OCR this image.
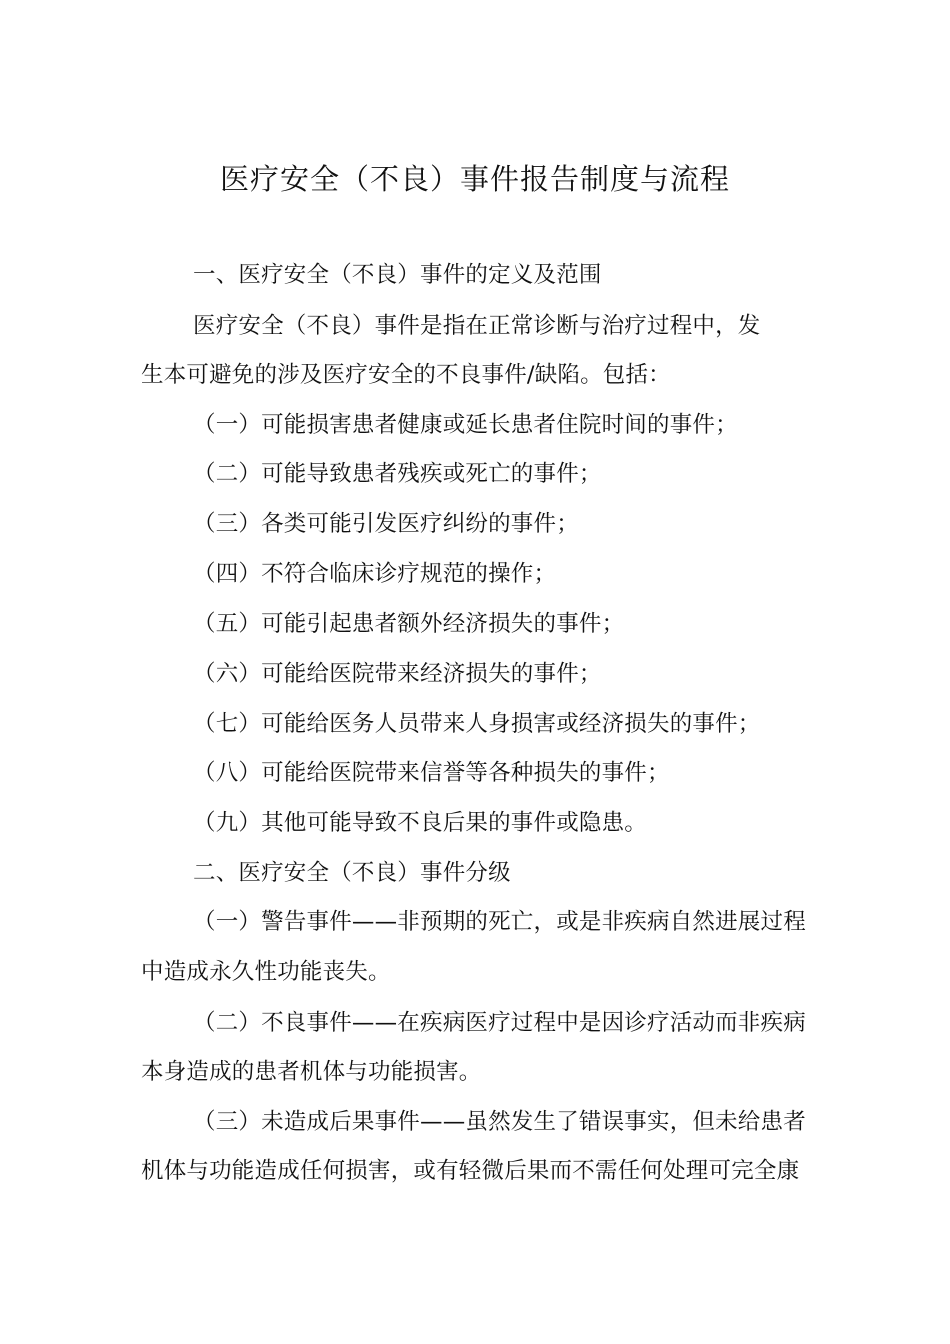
医疗安全（不良）事件报告制度与流程
一、医疗安全（不良）事件的定义及范围
医疗安全（不良）事件是指在正常诊断与治疗过程中，发
生本可避免的涉及医疗安全的不良事件/缺陷。包括：
（一）可能损害患者健康或延长患者住院时间的事件；
（二）可能导致患者残疾或死亡的事件；
（三）各类可能引发医疗纠纷的事件；
（四）不符合临床诊疗规范的操作；
（五）可能引起患者额外经济损失的事件；
（六）可能给医院带来经济损失的事件；
（七）可能给医务人员带来人身损害或经济损失的事件；
（八）可能给医院带来信誉等各种损失的事件；
（九）其他可能导致不良后果的事件或隐患。
二、医疗安全（不良）事件分级
（一）警告事件——非预期的死亡，或是非疾病自然进展过程
中造成永久性功能丧失。
（二）不良事件——在疾病医疗过程中是因诊疗活动而非疾病
本身造成的患者机体与功能损害。
（三）未造成后果事件——虽然发生了错误事实，但未给患者
机体与功能造成任何损害，或有轻微后果而不需任何处理可完全康
